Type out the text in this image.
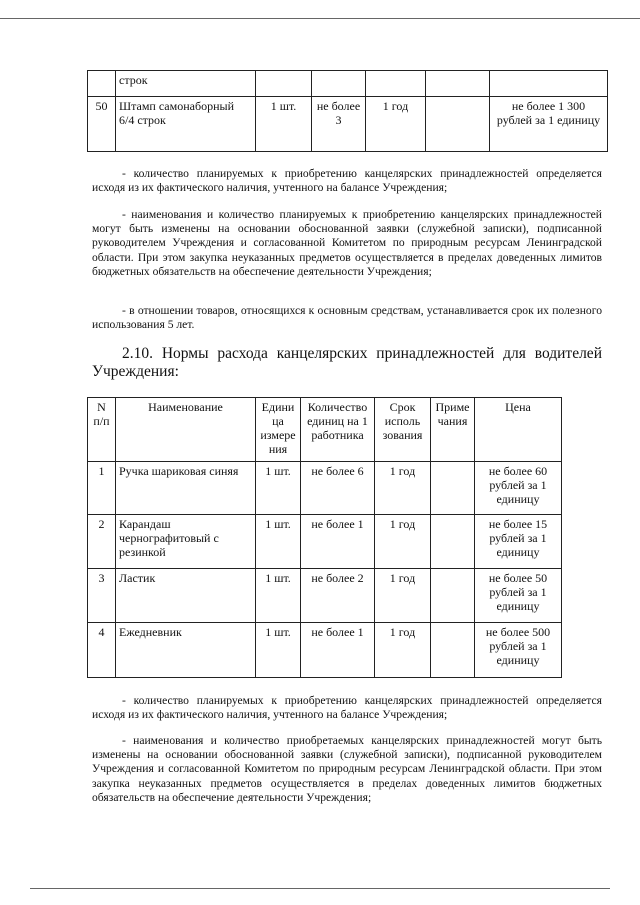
	строк					
50	Штамп самонаборный 6/4 строк	1 шт.	не более 3	1 год		не более 1 300 рублей за 1 единицу

- количество планируемых к приобретению канцелярских принадлежностей определяется исходя из их фактического наличия, учтенного на балансе Учреждения;

- наименования и количество планируемых к приобретению канцелярских принадлежностей могут быть изменены на основании обоснованной заявки (служебной записки), подписанной руководителем Учреждения и согласованной Комитетом по природным ресурсам Ленинградской области. При этом закупка неуказанных предметов осуществляется в пределах доведенных лимитов бюджетных обязательств на обеспечение деятельности Учреждения;

- в отношении товаров, относящихся к основным средствам, устанавливается срок их полезного использования 5 лет.

2.10. Нормы расхода канцелярских принадлежностей для водителей Учреждения:

N п/п	Наименование	Едини ца измере ния	Количество единиц на 1 работника	Срок исполь зования	Приме чания	Цена
1	Ручка шариковая синяя	1 шт.	не более 6	1 год		не более 60 рублей за 1 единицу
2	Карандаш чернографитовый с резинкой	1 шт.	не более 1	1 год		не более 15 рублей за 1 единицу
3	Ластик	1 шт.	не более 2	1 год		не более 50 рублей за 1 единицу
4	Ежедневник	1 шт.	не более 1	1 год		не более 500 рублей за 1 единицу

- количество планируемых к приобретению канцелярских принадлежностей определяется исходя из их фактического наличия, учтенного на балансе Учреждения;

- наименования и количество приобретаемых канцелярских принадлежностей могут быть изменены на основании обоснованной заявки (служебной записки), подписанной руководителем Учреждения и согласованной Комитетом по природным ресурсам Ленинградской области. При этом закупка неуказанных предметов осуществляется в пределах доведенных лимитов бюджетных обязательств на обеспечение деятельности Учреждения;
